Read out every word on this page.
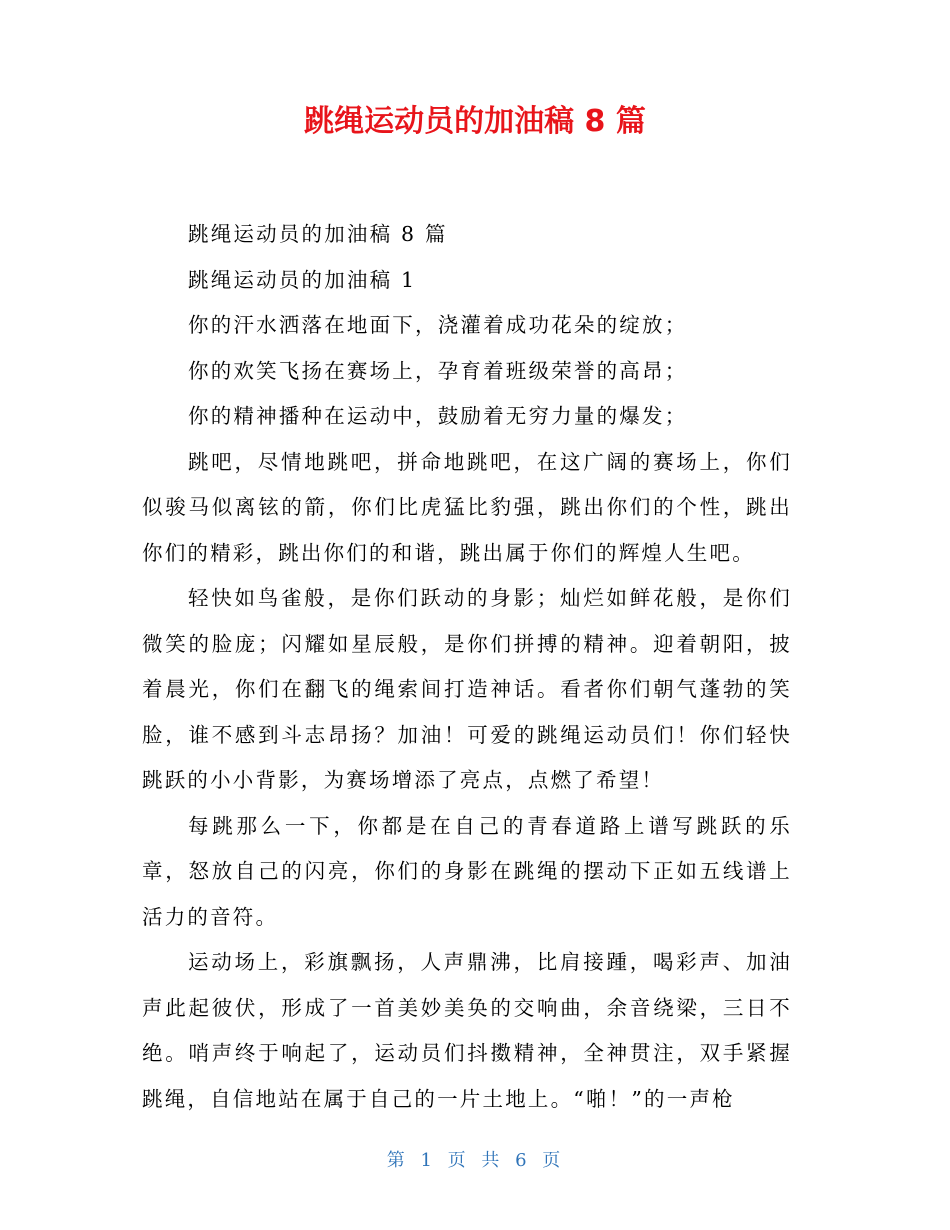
跳绳运动员的加油稿 8 篇

跳绳运动员的加油稿 8 篇

跳绳运动员的加油稿 1

你的汗水洒落在地面下，浇灌着成功花朵的绽放；

你的欢笑飞扬在赛场上，孕育着班级荣誉的高昂；

你的精神播种在运动中，鼓励着无穷力量的爆发；

跳吧，尽情地跳吧，拼命地跳吧，在这广阔的赛场上，你们似骏马似离铉的箭，你们比虎猛比豹强，跳出你们的个性，跳出你们的精彩，跳出你们的和谐，跳出属于你们的辉煌人生吧。

轻快如鸟雀般，是你们跃动的身影；灿烂如鲜花般，是你们微笑的脸庞；闪耀如星辰般，是你们拼搏的精神。迎着朝阳，披着晨光，你们在翻飞的绳索间打造神话。看者你们朝气蓬勃的笑脸，谁不感到斗志昂扬？加油！可爱的跳绳运动员们！你们轻快跳跃的小小背影，为赛场增添了亮点，点燃了希望！

每跳那么一下，你都是在自己的青春道路上谱写跳跃的乐章，怒放自己的闪亮，你们的身影在跳绳的摆动下正如五线谱上活力的音符。

运动场上，彩旗飘扬，人声鼎沸，比肩接踵，喝彩声、加油声此起彼伏，形成了一首美妙美奂的交响曲，余音绕梁，三日不绝。哨声终于响起了，运动员们抖擞精神，全神贯注，双手紧握跳绳，自信地站在属于自己的一片土地上。“啪！”的一声枪

第 1 页 共 6 页
